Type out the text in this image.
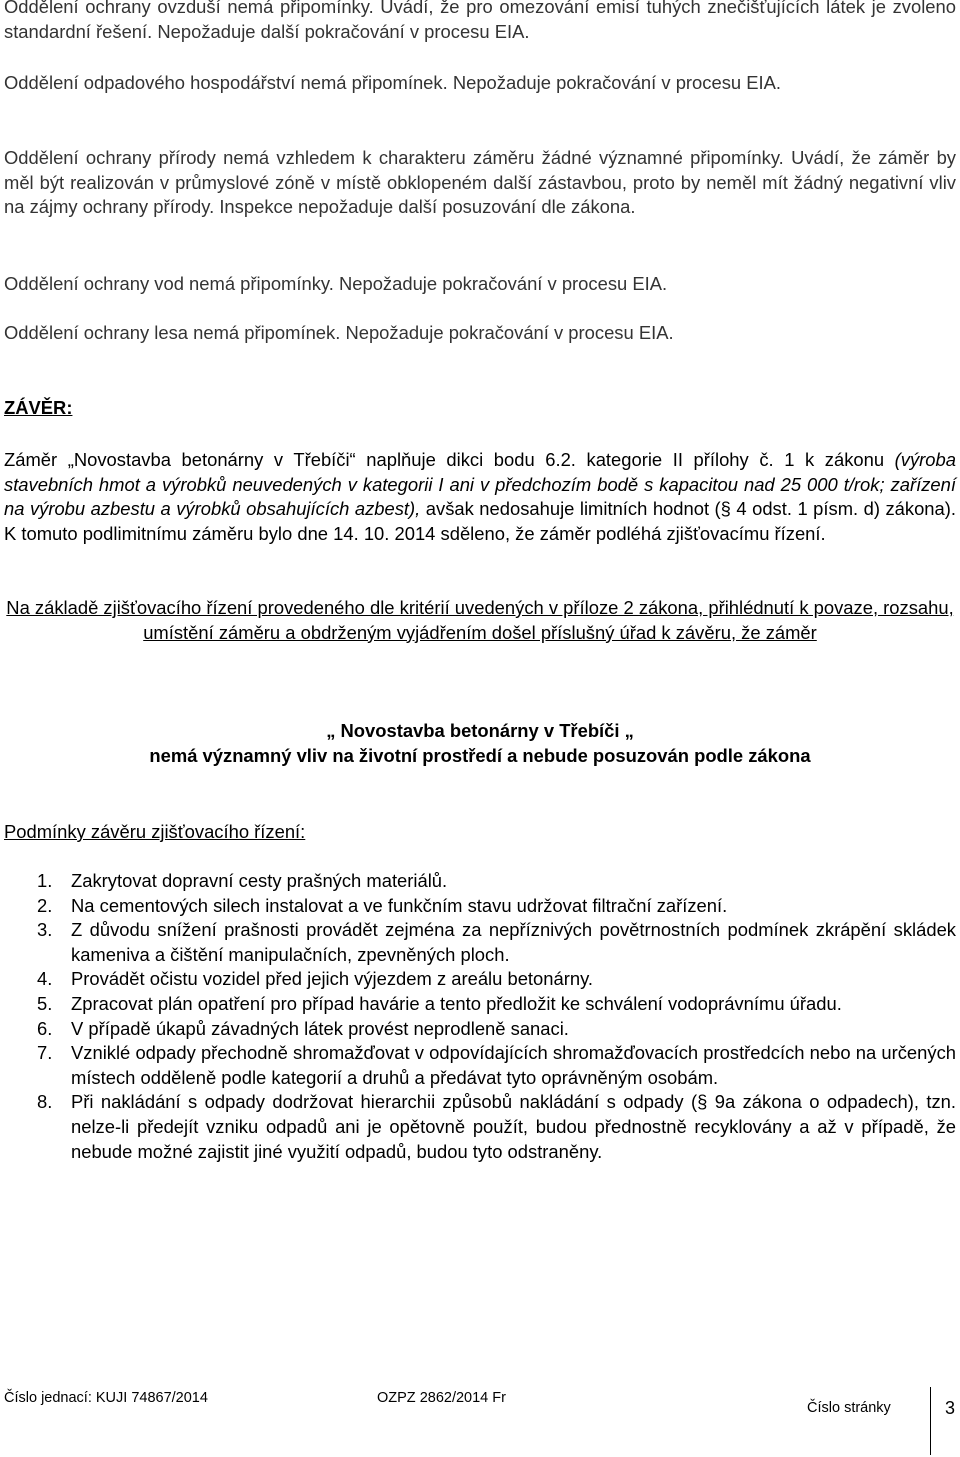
Oddělení ochrany ovzduší nemá připomínky. Uvádí, že pro omezování emisí tuhých znečišťujících látek je zvoleno standardní řešení. Nepožaduje další pokračování v procesu EIA.

Oddělení odpadového hospodářství nemá připomínek. Nepožaduje pokračování v procesu EIA.

Oddělení ochrany přírody nemá vzhledem k charakteru záměru žádné významné připomínky. Uvádí, že záměr by měl být realizován v průmyslové zóně v místě obklopeném další zástavbou, proto by neměl mít žádný negativní vliv na zájmy ochrany přírody. Inspekce nepožaduje další posuzování dle zákona.

Oddělení ochrany vod nemá připomínky. Nepožaduje pokračování v procesu EIA.

Oddělení ochrany lesa nemá připomínek. Nepožaduje pokračování v procesu EIA.

ZÁVĚR:

Záměr „Novostavba betonárny v Třebíči“ naplňuje dikci bodu 6.2. kategorie II přílohy č. 1 k zákonu (výroba stavebních hmot a výrobků neuvedených v kategorii I ani v předchozím bodě s kapacitou nad 25 000 t/rok; zařízení na výrobu azbestu a výrobků obsahujících azbest), avšak nedosahuje limitních hodnot (§ 4 odst. 1 písm. d) zákona). K tomuto podlimitnímu záměru bylo dne 14. 10. 2014 sděleno, že záměr podléhá zjišťovacímu řízení.

Na základě zjišťovacího řízení provedeného dle kritérií uvedených v příloze 2 zákona, přihlédnutí k povaze, rozsahu, umístění záměru a obdrženým vyjádřením došel příslušný úřad k závěru, že záměr

„ Novostavba betonárny v Třebíči „
nemá významný vliv na životní prostředí a nebude posuzován podle zákona

Podmínky závěru zjišťovacího řízení:

1. Zakrytovat dopravní cesty prašných materiálů.
2. Na cementových silech instalovat a ve funkčním stavu udržovat filtrační zařízení.
3. Z důvodu snížení prašnosti provádět zejména za nepříznivých povětrnostních podmínek zkrápění skládek kameniva a čištění manipulačních, zpevněných ploch.
4. Provádět očistu vozidel před jejich výjezdem z areálu betonárny.
5. Zpracovat plán opatření pro případ havárie a tento předložit ke schválení vodoprávnímu úřadu.
6. V případě úkapů závadných látek provést neprodleně sanaci.
7. Vzniklé odpady přechodně shromažďovat v odpovídajících shromažďovacích prostředcích nebo na určených místech odděleně podle kategorií a druhů a předávat tyto oprávněným osobám.
8. Při nakládání s odpady dodržovat hierarchii způsobů nakládání s odpady (§ 9a zákona o odpadech), tzn. nelze-li předejít vzniku odpadů ani je opětovně použít, budou přednostně recyklovány a až v případě, že nebude možné zajistit jiné využití odpadů, budou tyto odstraněny.
Číslo jednací: KUJI 74867/2014	OZPZ 2862/2014 Fr
Číslo stránky	3
